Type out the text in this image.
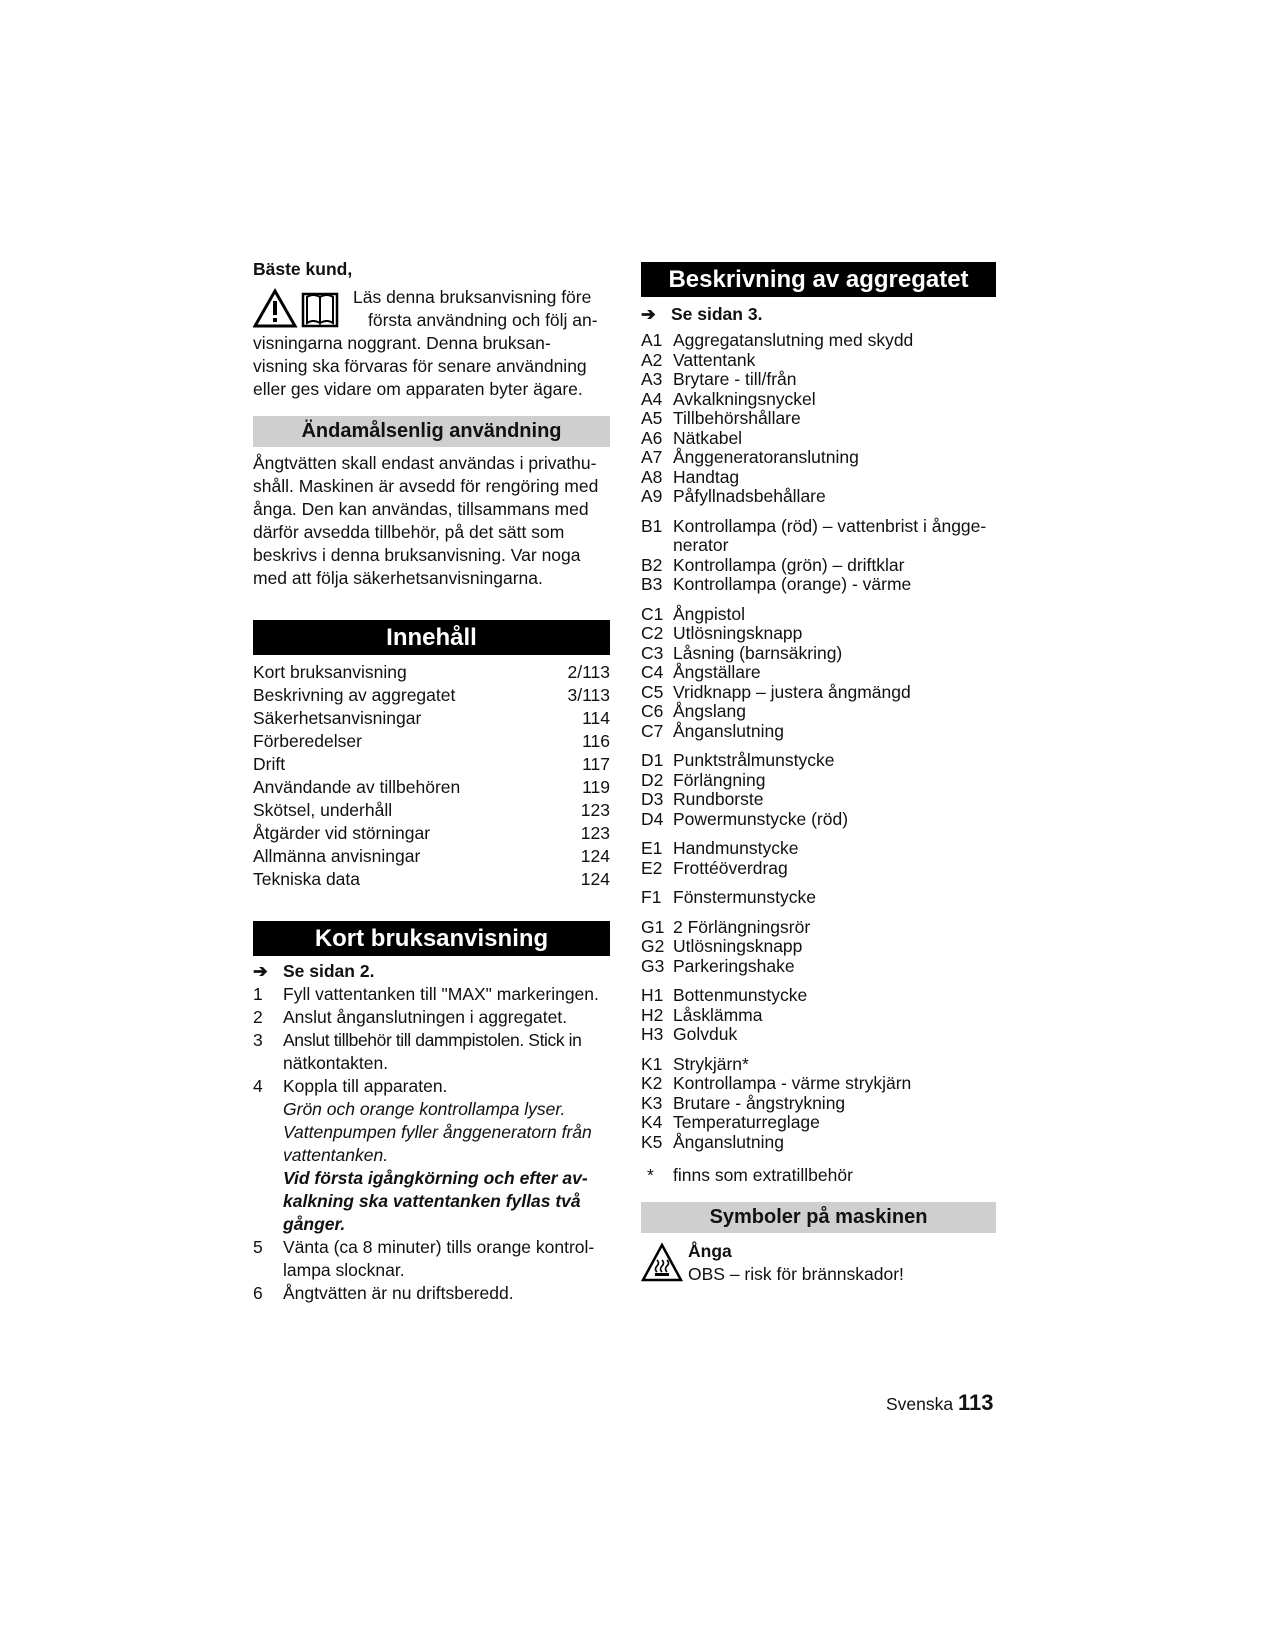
Bäste kund,

Läs denna bruksanvisning före
första användning och följ an-
visningarna noggrant. Denna bruksan-
visning ska förvaras för senare användning
eller ges vidare om apparaten byter ägare.
Ändamålsenlig användning

Ångtvätten skall endast användas i privathu-

shåll. Maskinen är avsedd för rengöring med

ånga. Den kan användas, tillsammans med

därför avsedda tillbehör, på det sätt som

beskrivs i denna bruksanvisning. Var noga

med att följa säkerhetsanvisningarna.

Innehåll
Kort bruksanvisning	2/113
Beskrivning av aggregatet	3/113
Säkerhetsanvisningar	114
Förberedelser	116
Drift	117
Användande av tillbehören	119
Skötsel, underhåll	123
Åtgärder vid störningar	123
Allmänna anvisningar	124
Tekniska data	124
Kort bruksanvisning
➔ Se sidan 2.
1	Fyll vattentanken till "MAX" markeringen.
2	Anslut ånganslutningen i aggregatet.
3	Anslut tillbehör till dammpistolen. Stick in
nätkontakten.
4	Koppla till apparaten.
Grön och orange kontrollampa lyser.
Vattenpumpen fyller ånggeneratorn från
vattentanken.
Vid första igångkörning och efter av-
kalkning ska vattentanken fyllas två
gånger.
5	Vänta (ca 8 minuter) tills orange kontrol-
lampa slocknar.
6	Ångtvätten är nu driftsberedd.
Beskrivning av aggregatet
➔ Se sidan 3.
A1 Aggregatanslutning med skydd
A2 Vattentank
A3 Brytare - till/från
A4 Avkalkningsnyckel
A5 Tillbehörshållare
A6 Nätkabel
A7 Ånggeneratoranslutning
A8 Handtag
A9 Påfyllnadsbehållare
B1 Kontrollampa (röd) – vattenbrist i ångge-
nerator
B2 Kontrollampa (grön) – driftklar
B3 Kontrollampa (orange) - värme
C1 Ångpistol
C2 Utlösningsknapp
C3 Låsning (barnsäkring)
C4 Ångställare
C5 Vridknapp – justera ångmängd
C6 Ångslang
C7 Ånganslutning
D1 Punktstrålmunstycke
D2 Förlängning
D3 Rundborste
D4 Powermunstycke (röd)
E1 Handmunstycke
E2 Frottéöverdrag
F1 Fönstermunstycke
G1 2 Förlängningsrör
G2 Utlösningsknapp
G3 Parkeringshake
H1 Bottenmunstycke
H2 Låsklämma
H3 Golvduk
K1 Strykjärn*
K2 Kontrollampa - värme strykjärn
K3 Brutare - ångstrykning
K4 Temperaturreglage
K5 Ånganslutning
*	finns som extratillbehör
Symboler på maskinen
Ånga
OBS – risk för brännskador!
Svenska 113
